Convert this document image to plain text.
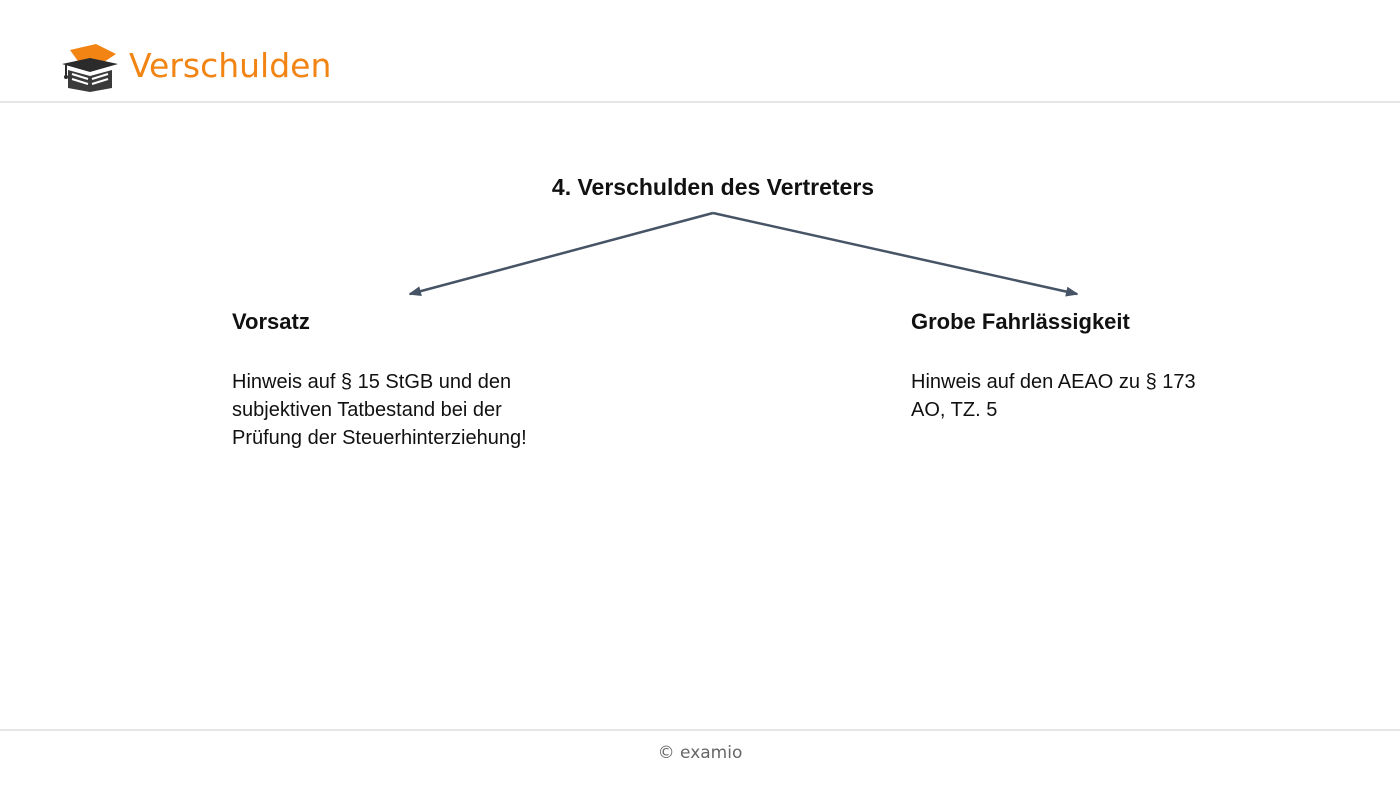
Verschulden
4. Verschulden des Vertreters
Vorsatz
Hinweis auf § 15 StGB und den
subjektiven Tatbestand bei der
Prüfung der Steuerhinterziehung!
Grobe Fahrlässigkeit
Hinweis auf den AEAO zu § 173
AO, TZ. 5
© examio
